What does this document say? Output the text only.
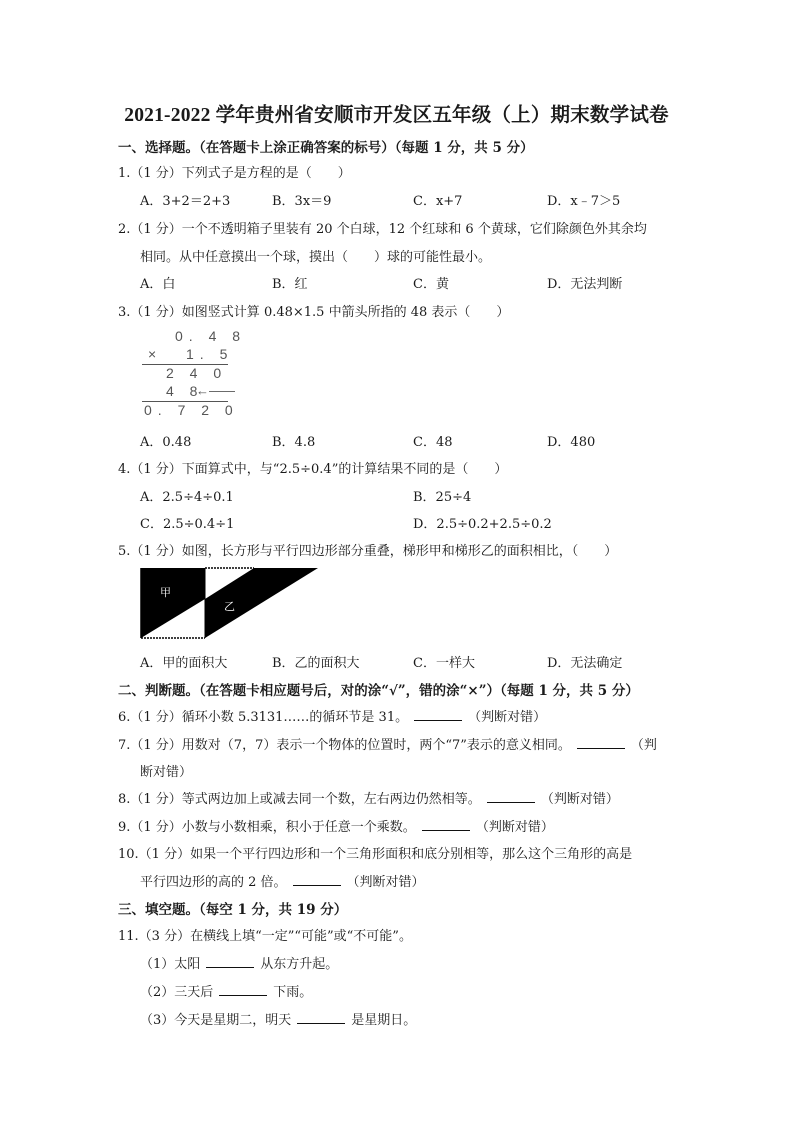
2021-2022 学年贵州省安顺市开发区五年级（上）期末数学试卷
一、选择题。（在答题卡上涂正确答案的标号）（每题 1 分，共 5 分）
1.（1 分）下列式子是方程的是（　　）
A．3+2＝2+3	B．3x＝9	C．x+7	D．x﹣7＞5
2.（1 分）一个不透明箱子里装有 20 个白球，12 个红球和 6 个黄球，它们除颜色外其余均
相同。从中任意摸出一个球，摸出（　　）球的可能性最小。
A．白	B．红	C．黄	D．无法判断
3.（1 分）如图竖式计算 0.48×1.5 中箭头所指的 48 表示（　　）
0. 4 8
× 1. 5
2 4 0
4 8
←——
0. 7 2 0
A．0.48	B．4.8	C．48	D．480
4.（1 分）下面算式中，与“2.5÷0.4”的计算结果不同的是（　　）
A．2.5÷4÷0.1	B．25÷4
C．2.5÷0.4÷1	D．2.5÷0.2+2.5÷0.2
5.（1 分）如图，长方形与平行四边形部分重叠，梯形甲和梯形乙的面积相比，（　　）
甲
乙
A．甲的面积大	B．乙的面积大	C．一样大	D．无法确定
二、判断题。（在答题卡相应题号后，对的涂“√”，错的涂“×”）（每题 1 分，共 5 分）
6.（1 分）循环小数 5.3131……的循环节是 31。	（判断对错）
7.（1 分）用数对（7，7）表示一个物体的位置时，两个“7”表示的意义相同。	（判
断对错）
8.（1 分）等式两边加上或减去同一个数，左右两边仍然相等。	（判断对错）
9.（1 分）小数与小数相乘，积小于任意一个乘数。	（判断对错）
10.（1 分）如果一个平行四边形和一个三角形面积和底分别相等，那么这个三角形的高是
平行四边形的高的 2 倍。	（判断对错）
三、填空题。（每空 1 分，共 19 分）
11.（3 分）在横线上填“一定”“可能”或“不可能”。
（1）太阳	从东方升起。
（2）三天后	下雨。
（3）今天是星期二，明天	是星期日。
